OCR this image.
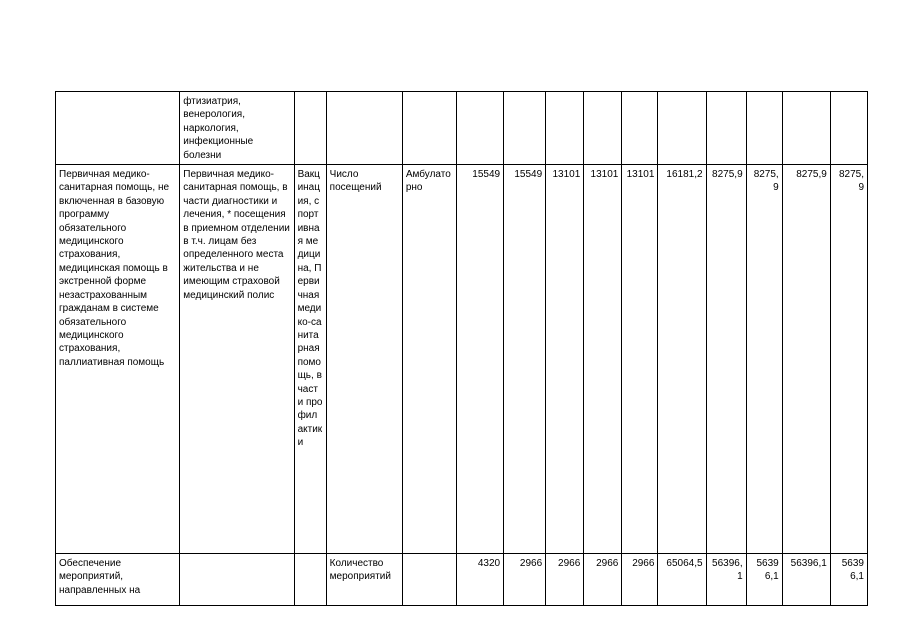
	фтизиатрия, венерология, наркология, инфекционные болезни													
Первичная медико-санитарная помощь, не включенная в базовую программу обязательного медицинского страхования, медицинская помощь в экстренной форме незастрахованным гражданам в системе обязательного медицинского страхования, паллиативная помощь	Первичная медико-санитарная помощь, в части диагностики и лечения, * посещения в приемном отделении в т.ч. лицам без определенного места жительства и не имеющим страховой медицинский полис	Вакцинация, спортивная медицина, Первичная медико-санитарная помощь, в части профилактики	Число посещений	Амбулаторно	15549	15549	13101	13101	13101	16181,2	8275,9	8275,9	8275,9	8275,9
Обеспечение мероприятий, направленных на			Количество мероприятий		4320	2966	2966	2966	2966	65064,5	56396,1	56396,1	56396,1	56396,1
